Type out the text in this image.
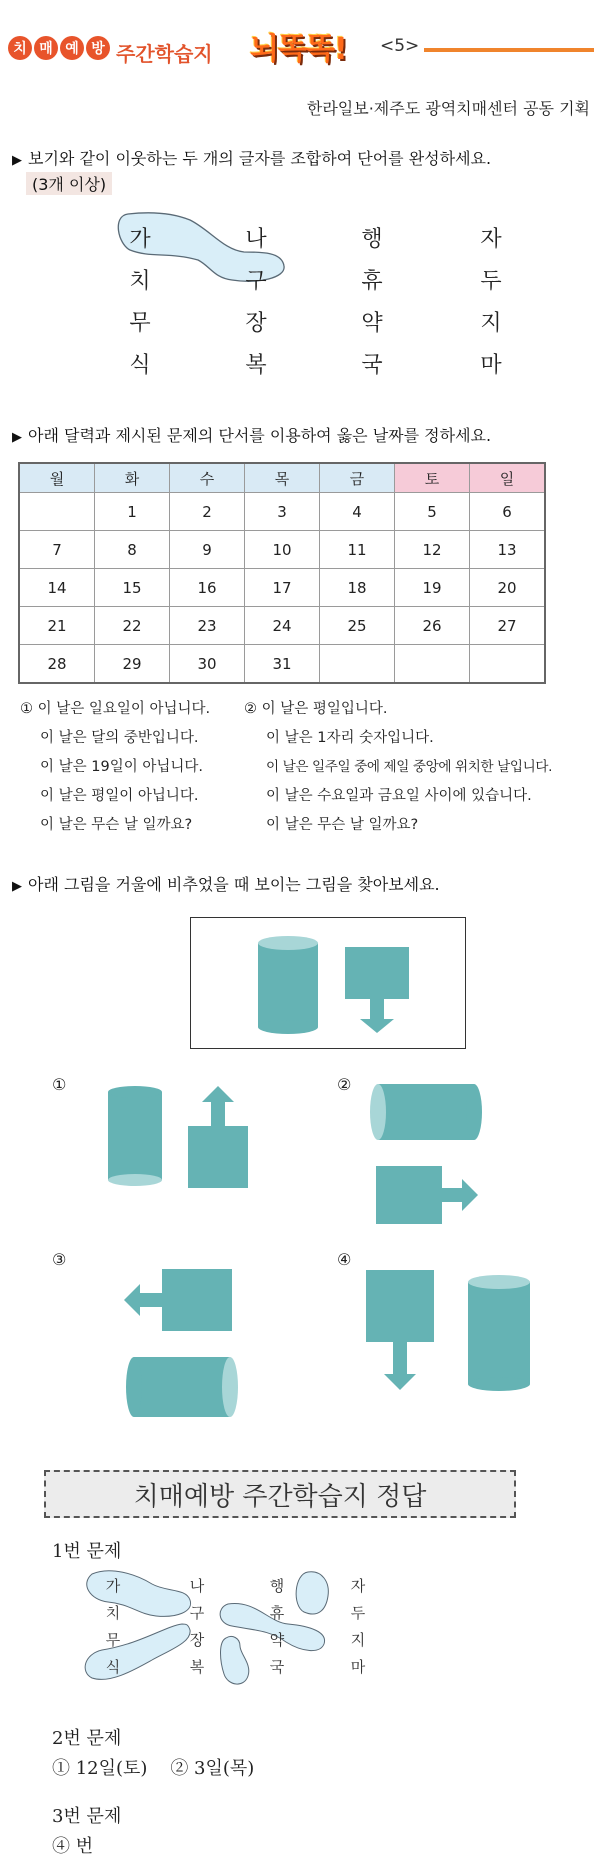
치 매 예 방 주간학습지 뇌똑똑! <5>
한라일보·제주도 광역치매센터 공동 기획
▶ 보기와 같이 이웃하는 두 개의 글자를 조합하여 단어를 완성하세요.
(3개 이상)
가	나	행	자
치	구	휴	두
무	장	약	지
식	복	국	마
▶ 아래 달력과 제시된 문제의 단서를 이용하여 옳은 날짜를 정하세요.
월	화	수	목	금	토	일
	1	2	3	4	5	6
7	8	9	10	11	12	13
14	15	16	17	18	19	20
21	22	23	24	25	26	27
28	29	30	31			
① 이 날은 일요일이 아닙니다.
이 날은 달의 중반입니다.
이 날은 19일이 아닙니다.
이 날은 평일이 아닙니다.
이 날은 무슨 날 일까요?
② 이 날은 평일입니다.
이 날은 1자리 숫자입니다.
이 날은 일주일 중에 제일 중앙에 위치한 날입니다.
이 날은 수요일과 금요일 사이에 있습니다.
이 날은 무슨 날 일까요?
▶ 아래 그림을 거울에 비추었을 때 보이는 그림을 찾아보세요.
①	②
③	④
치매예방 주간학습지 정답
1번 문제
가	나	행	자
치	구	휴	두
무	장	약	지
식	복	국	마
2번 문제
① 12일(토)    ② 3일(목)
3번 문제
④ 번
